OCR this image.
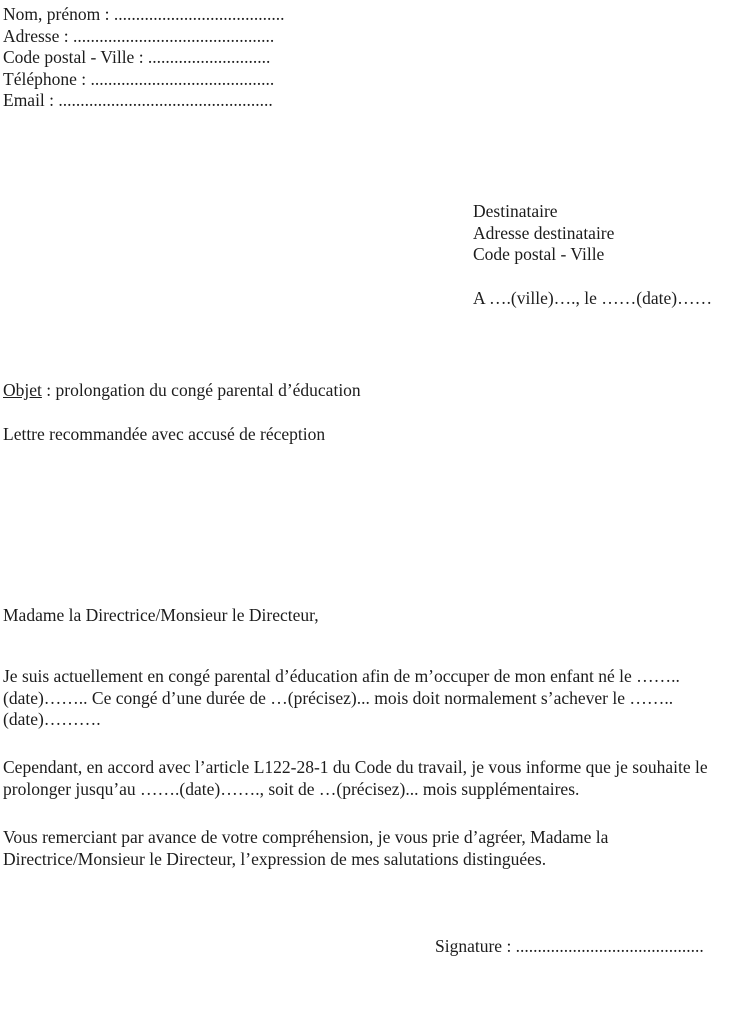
Nom, prénom : .......................................
Adresse : ..............................................
Code postal - Ville : ............................
Téléphone : ..........................................
Email : .................................................
Destinataire
Adresse destinataire
Code postal - Ville
A ….(ville)…., le ……(date)……
Objet : prolongation du congé parental d’éducation
Lettre recommandée avec accusé de réception
Madame la Directrice/Monsieur le Directeur,

Je suis actuellement en congé parental d’éducation afin de m’occuper de mon enfant né le ……..(date)…….. Ce congé d’une durée de …(précisez)... mois doit normalement s’achever le ……..(date)……….

Cependant, en accord avec l’article L122-28-1 du Code du travail, je vous informe que je souhaite le prolonger jusqu’au …….(date)……., soit de …(précisez)... mois supplémentaires.

Vous remerciant par avance de votre compréhension, je vous prie d’agréer, Madame la Directrice/Monsieur le Directeur, l’expression de mes salutations distinguées.

Signature : ...........................................
